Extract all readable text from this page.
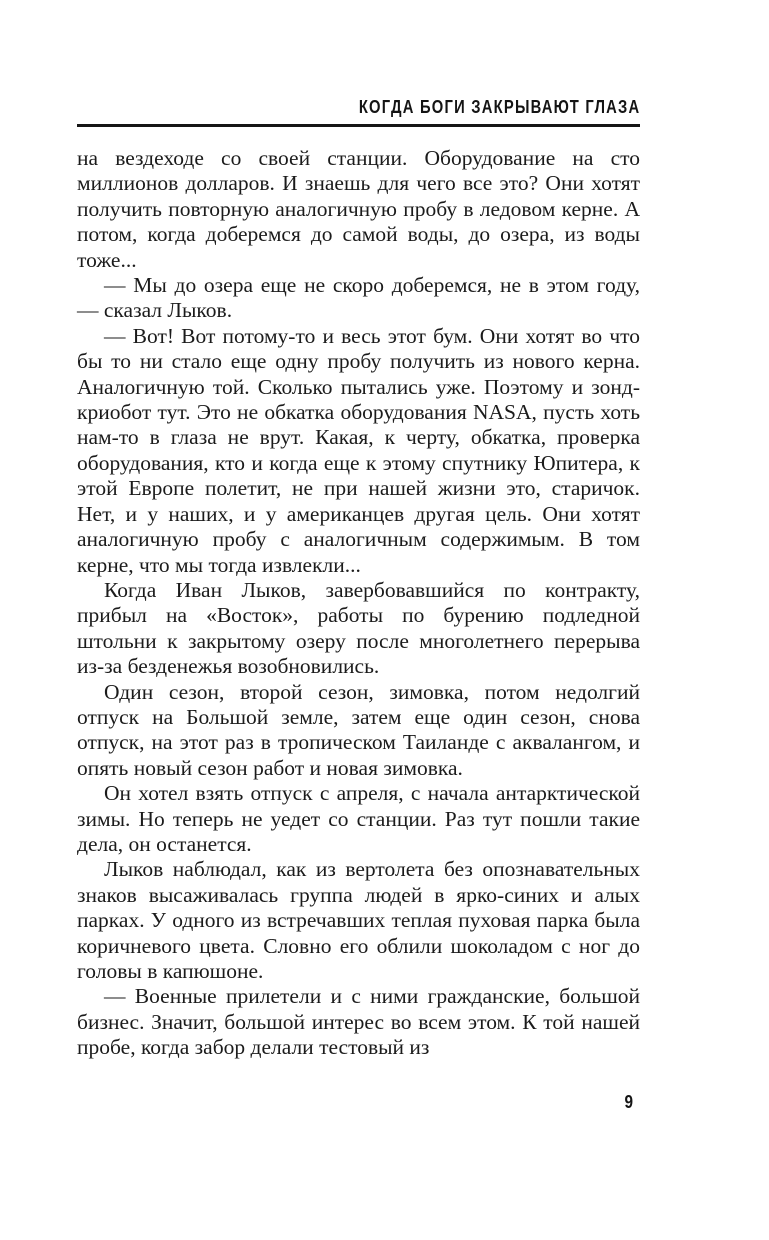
КОГДА БОГИ ЗАКРЫВАЮТ ГЛАЗА

на вездеходе со своей станции. Оборудование на сто миллионов долларов. И знаешь для чего все это? Они хотят получить повторную аналогичную пробу в ледовом керне. А потом, когда доберемся до самой воды, до озера, из воды тоже...

— Мы до озера еще не скоро доберемся, не в этом году, — сказал Лыков.

— Вот! Вот потому-то и весь этот бум. Они хотят во что бы то ни стало еще одну пробу получить из нового керна. Аналогичную той. Сколько пытались уже. Поэтому и зонд-криобот тут. Это не обкатка оборудования NASA, пусть хоть нам-то в глаза не врут. Какая, к черту, обкатка, проверка оборудования, кто и когда еще к этому спутнику Юпитера, к этой Европе полетит, не при нашей жизни это, старичок. Нет, и у наших, и у американцев другая цель. Они хотят аналогичную пробу с аналогичным содержимым. В том керне, что мы тогда извлекли...

Когда Иван Лыков, завербовавшийся по контракту, прибыл на «Восток», работы по бурению подледной штольни к закрытому озеру после многолетнего перерыва из-за безденежья возобновились.

Один сезон, второй сезон, зимовка, потом недолгий отпуск на Большой земле, затем еще один сезон, снова отпуск, на этот раз в тропическом Таиланде с аквалангом, и опять новый сезон работ и новая зимовка.

Он хотел взять отпуск с апреля, с начала антарктической зимы. Но теперь не уедет со станции. Раз тут пошли такие дела, он останется.

Лыков наблюдал, как из вертолета без опознавательных знаков высаживалась группа людей в ярко-синих и алых парках. У одного из встречавших теплая пуховая парка была коричневого цвета. Словно его облили шоколадом с ног до головы в капюшоне.

— Военные прилетели и с ними гражданские, большой бизнес. Значит, большой интерес во всем этом. К той нашей пробе, когда забор делали тестовый из

9
